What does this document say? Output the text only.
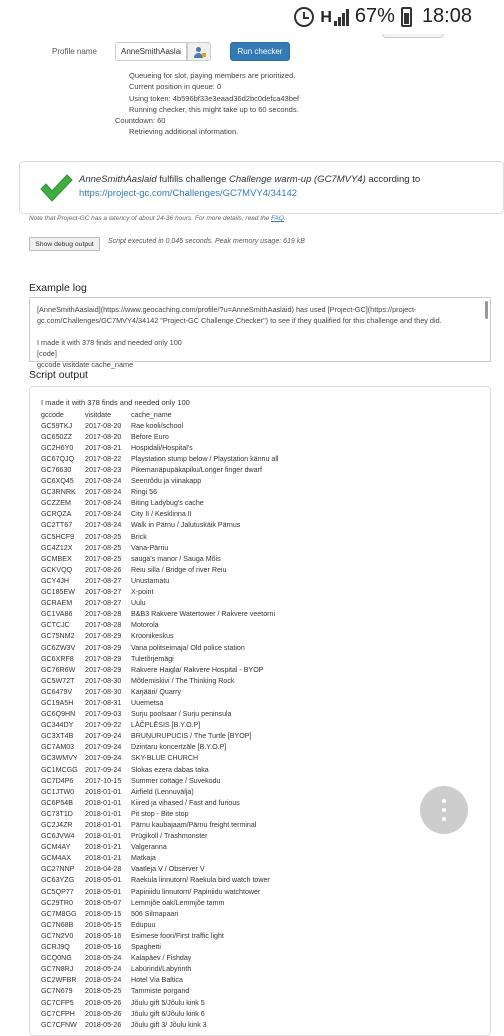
H 67% 18:08
Profile name
AnneSmithAaslaid	Run checker
Queueing for slot, paying members are prioritized.
Current position in queue: 0
Using token: 4b596bf33e3eaad36d2bc0defca43bef
Running checker, this might take up to 60 seconds.
Countdown: 60
Retrieving additional information.
AnneSmithAaslaid fulfills challenge Challenge warm-up (GC7MVY4) according to
https://project-gc.com/Challenges/GC7MVY4/34142
Note that Project-GC has a latency of about 24-36 hours. For more details, read the FAQ.
Show debug output	Script executed in 0.045 seconds. Peak memory usage: 619 kB
Example log
[AnneSmithAaslaid](https://www.geocaching.com/profile/?u=AnneSmithAaslaid) has used [Project-GC](https://project-
gc.com/Challenges/GC7MVY4/34142 "Project-GC Challenge Checker") to see if they qualified for this challenge and they did.
I made it with 378 finds and needed only 100
[code]
gccode visitdate cache_name
Script output
I made it with 378 finds and needed only 100
gccode	visitdate	cache_name
GC59TKJ	2017-08-20	Rae kooli/school
GC650ZZ	2017-08-20	Before Euro
GC2H6Y0	2017-08-21	Hospidali/Hospital's
GC67QJQ	2017-08-22	Playstation stump below / Playstation kännu all
GC76630	2017-08-23	Pikemanäpupäkapiku/Longer finger dwarf
GC6XQ45	2017-08-24	Seenrõdu ja viinakapp
GC3RNRK	2017-08-24	Ringi 56
GCZZEM	2017-08-24	Biting Ladybug's cache
GCRQZA	2017-08-24	City II / Kesklinna II
GC2TT67	2017-08-24	Walk in Pärnu / Jalutuskäik Pärnus
GC5HCF9	2017-08-25	Brick
GC4Z12X	2017-08-25	Vana-Pärnu
GCMBEX	2017-08-25	sauga's manor / Sauga Mõis
GCKVQQ	2017-08-26	Reiu silla / Bridge of river Reiu
GCY4JH	2017-08-27	Unustamatu
GC185EW	2017-08-27	X-point
GCRAEM	2017-08-27	Uulu
GC1VA86	2017-08-28	B&B3 Rakvere Watertower / Rakvere veetorni
GCTCJC	2017-08-28	Motorola
GC75NM2	2017-08-29	Kroonikeskus
GC6ZW3V	2017-08-29	Vana politseimaja/ Old police station
GC6XRF8	2017-08-29	Tuletõrjemägi
GC76R6W	2017-08-29	Rakvere Haigla/ Rakvere Hospital - BYOP
GC5W72T	2017-08-30	Mõtlemiskivi / The Thinking Rock
GC6479V	2017-08-30	Karjääri/ Quarry
GC19A5H	2017-08-31	Uuemetsa
GC6Q9HN	2017-09-03	Surju poolsaar / Surju peninsula
GC344DY	2017-09-22	LĀČPLĒSIS [B.Y.O.P]
GC3XT4B	2017-09-24	BRUŅURUPUCIS / The Turtle [BYOP]
GC7AM03	2017-09-24	Dzintaru koncertzāle [B.Y.O.P]
GC3WMVY	2017-09-24	SKY-BLUE CHURCH
GC1MCGG	2017-09-24	Slokas ezera dabas taka
GC7D4P6	2017-10-15	Summer cottage / Suvekodu
GC1JTW0	2018-01-01	Airfield (Lennuvälja)
GC6P54B	2018-01-01	Kiired ja vihased / Fast and furious
GC73T1D	2018-01-01	Pit stop - Bite stop
GC2J4ZR	2018-01-01	Pärnu kaubajaam/Pärnu freight terminal
GC6JVW4	2018-01-01	Prügikoll / Trashmonster
GCM4AY	2018-01-21	Valgeranna
GCM4AX	2018-01-21	Matkaja
GC27NNP	2018-04-28	Vaatleja V / Observer V
GC63YZG	2018-05-01	Raekula linnutorn/ Raekula bird watch tower
GC5QP77	2018-05-01	Papiniidu linnutorn/ Papiniidu watchtower
GC29TR0	2018-05-07	Lemmjõe oak/Lemmjõe tamm
GC7M8GG	2018-05-15	506 Silmapaari
GC7N68B	2018-05-15	Edupuu
GC7N2V0	2018-05-16	Esimese foori/First traffic light
GCRJ9Q	2018-05-16	Spaghetti
GCQ0NG	2018-05-24	Kalapäev / Fishday
GC7N8RJ	2018-05-24	Labürindi/Labyrinth
GC2WFBR	2018-05-24	Hotel Via Baltica
GC7N679	2018-05-25	Tammiste porgand
GC7CFP5	2018-05-26	Jõulu gift 5/Jõulu kink 5
GC7CFPH	2018-05-26	Jõulu gift 6/Jõulu kink 6
GC7CFNW	2018-05-26	Jõulu gift 3/ Jõulu kink 3
